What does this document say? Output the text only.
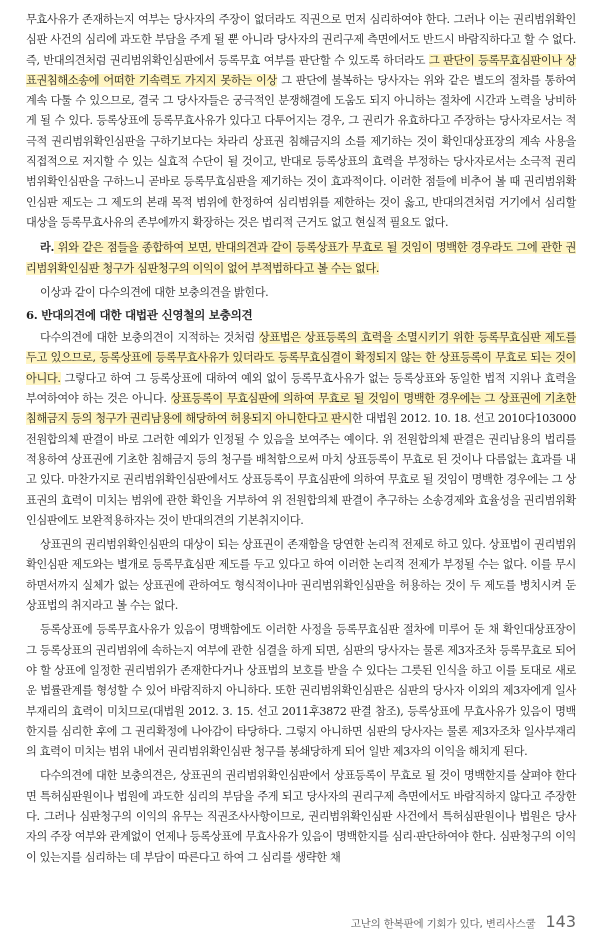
무효사유가 존재하는지 여부는 당사자의 주장이 없더라도 직권으로 먼저 심리하여야 한다. 그러나 이는 권리범위확인심판 사건의 심리에 과도한 부담을 주게 될 뿐 아니라 당사자의 권리구제 측면에서도 반드시 바람직하다고 할 수 없다. 즉, 반대의견처럼 권리범위확인심판에서 등록무효 여부를 판단할 수 있도록 하더라도 그 판단이 등록무효심판이나 상표권침해소송에 어떠한 기속력도 가지지 못하는 이상 그 판단에 불복하는 당사자는 위와 같은 별도의 절차를 통하여 계속 다툴 수 있으므로, 결국 그 당사자들은 궁극적인 분쟁해결에 도움도 되지 아니하는 절차에 시간과 노력을 낭비하게 될 수 있다. 등록상표에 등록무효사유가 있다고 다투어지는 경우, 그 권리가 유효하다고 주장하는 당사자로서는 적극적 권리범위확인심판을 구하기보다는 차라리 상표권 침해금지의 소를 제기하는 것이 확인대상표장의 계속 사용을 직접적으로 저지할 수 있는 실효적 수단이 될 것이고, 반대로 등록상표의 효력을 부정하는 당사자로서는 소극적 권리범위확인심판을 구하느니 곧바로 등록무효심판을 제기하는 것이 효과적이다. 이러한 점들에 비추어 볼 때 권리범위확인심판 제도는 그 제도의 본래 목적 범위에 한정하여 심리범위를 제한하는 것이 옳고, 반대의견처럼 거기에서 심리할 대상을 등록무효사유의 존부에까지 확장하는 것은 법리적 근거도 없고 현실적 필요도 없다.

라. 위와 같은 점들을 종합하여 보면, 반대의견과 같이 등록상표가 무효로 될 것임이 명백한 경우라도 그에 관한 권리범위확인심판 청구가 심판청구의 이익이 없어 부적법하다고 볼 수는 없다.

이상과 같이 다수의견에 대한 보충의견을 밝힌다.

6. 반대의견에 대한 대법관 신영철의 보충의견

다수의견에 대한 보충의견이 지적하는 것처럼 상표법은 상표등록의 효력을 소멸시키기 위한 등록무효심판 제도를 두고 있으므로, 등록상표에 등록무효사유가 있더라도 등록무효심결이 확정되지 않는 한 상표등록이 무효로 되는 것이 아니다. 그렇다고 하여 그 등록상표에 대하여 예외 없이 등록무효사유가 없는 등록상표와 동일한 법적 지위나 효력을 부여하여야 하는 것은 아니다. 상표등록이 무효심판에 의하여 무효로 될 것임이 명백한 경우에는 그 상표권에 기초한 침해금지 등의 청구가 권리남용에 해당하여 허용되지 아니한다고 판시한 대법원 2012. 10. 18. 선고 2010다103000 전원합의체 판결이 바로 그러한 예외가 인정될 수 있음을 보여주는 예이다. 위 전원합의체 판결은 권리남용의 법리를 적용하여 상표권에 기초한 침해금지 등의 청구를 배척함으로써 마치 상표등록이 무효로 된 것이나 다름없는 효과를 내고 있다. 마찬가지로 권리범위확인심판에서도 상표등록이 무효심판에 의하여 무효로 될 것임이 명백한 경우에는 그 상표권의 효력이 미치는 범위에 관한 확인을 거부하여 위 전원합의체 판결이 추구하는 소송경제와 효율성을 권리범위확인심판에도 보완적용하자는 것이 반대의견의 기본취지이다.

상표권의 권리범위확인심판의 대상이 되는 상표권이 존재함을 당연한 논리적 전제로 하고 있다. 상표법이 권리범위확인심판 제도와는 별개로 등록무효심판 제도를 두고 있다고 하여 이러한 논리적 전제가 부정될 수는 없다. 이를 무시하면서까지 실체가 없는 상표권에 관하여도 형식적이나마 권리범위확인심판을 허용하는 것이 두 제도를 병치시켜 둔 상표법의 취지라고 볼 수는 없다.

등록상표에 등록무효사유가 있음이 명백함에도 이러한 사정을 등록무효심판 절차에 미루어 둔 채 확인대상표장이 그 등록상표의 권리범위에 속하는지 여부에 관한 심결을 하게 되면, 심판의 당사자는 물론 제3자조차 등록무효로 되어야 할 상표에 일정한 권리범위가 존재한다거나 상표법의 보호를 받을 수 있다는 그릇된 인식을 하고 이를 토대로 새로운 법률관계를 형성할 수 있어 바람직하지 아니하다. 또한 권리범위확인심판은 심판의 당사자 이외의 제3자에게 일사부재리의 효력이 미치므로(대법원 2012. 3. 15. 선고 2011후3872 판결 참조), 등록상표에 무효사유가 있음이 명백한지를 심리한 후에 그 권리확정에 나아감이 타당하다. 그렇지 아니하면 심판의 당사자는 물론 제3자조차 일사부재리의 효력이 미치는 범위 내에서 권리범위확인심판 청구를 봉쇄당하게 되어 일반 제3자의 이익을 해치게 된다.

다수의견에 대한 보충의견은, 상표권의 권리범위확인심판에서 상표등록이 무효로 될 것이 명백한지를 살펴야 한다면 특허심판원이나 법원에 과도한 심리의 부담을 주게 되고 당사자의 권리구제 측면에서도 바람직하지 않다고 주장한다. 그러나 심판청구의 이익의 유무는 직권조사사항이므로, 권리범위확인심판 사건에서 특허심판원이나 법원은 당사자의 주장 여부와 관계없이 언제나 등록상표에 무효사유가 있음이 명백한지를 심리·판단하여야 한다. 심판청구의 이익이 있는지를 심리하는 데 부담이 따른다고 하여 그 심리를 생략한 채

고난의 한복판에 기회가 있다, 변리사스쿨 143
